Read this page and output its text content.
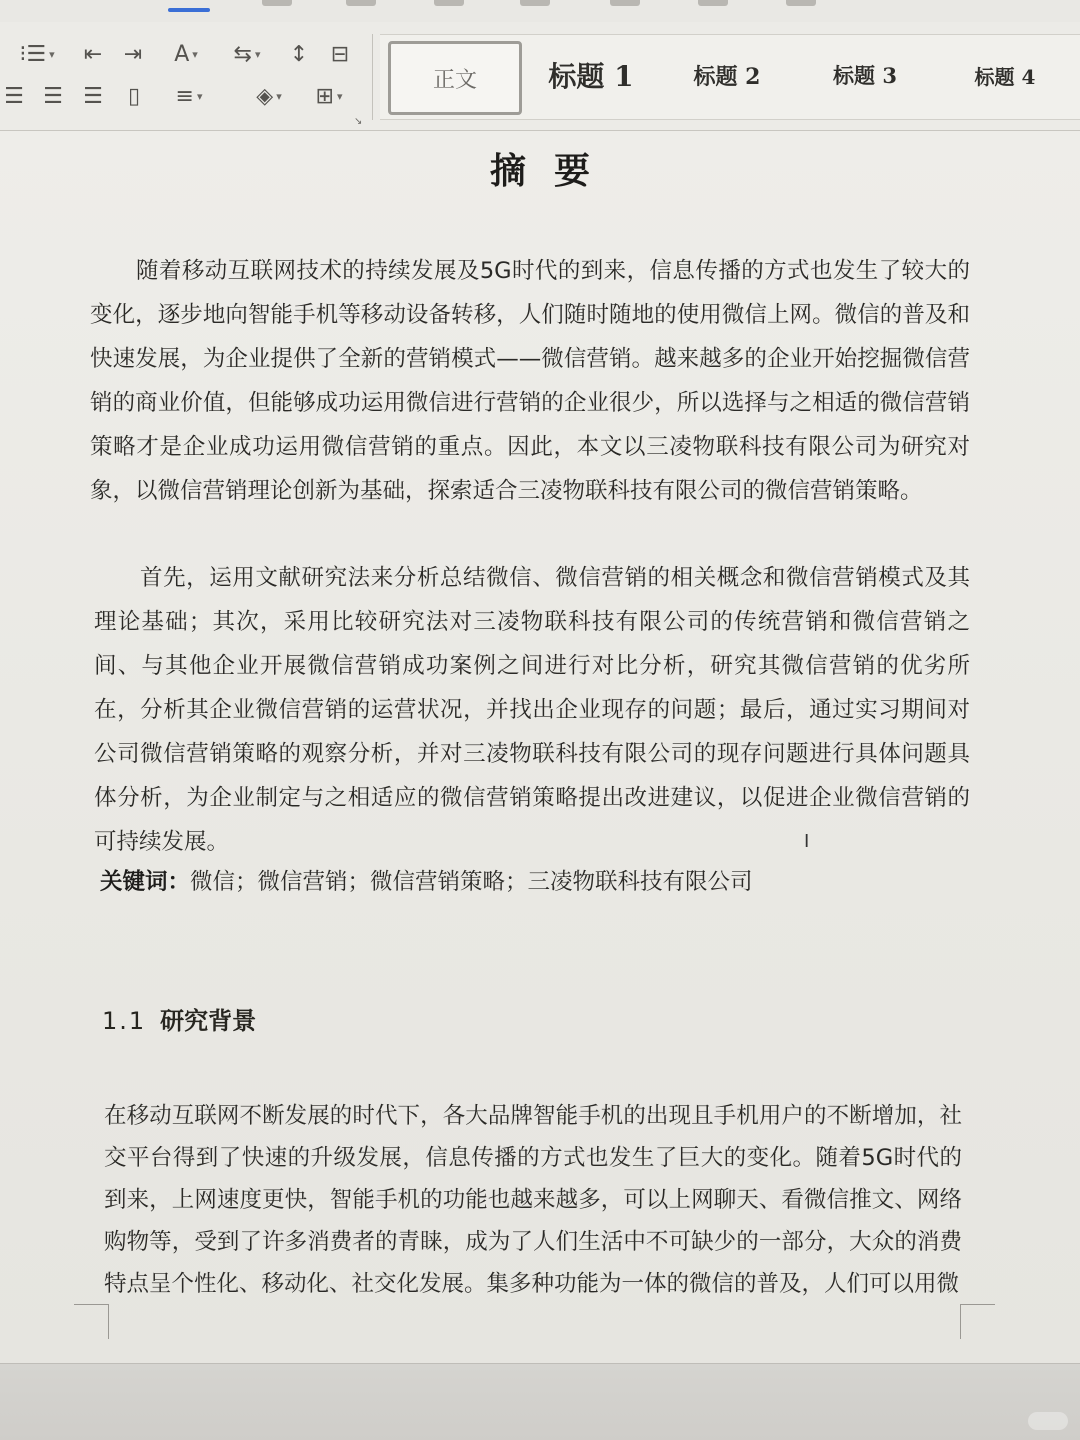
⁝☰ ▾ ⇤ ⇥ A ▾ ⇆ ▾ ↕ ⊟
☰ ☰ ☰ ▯ ≡ ▾ ◈ ▾ ⊞ ▾
↘
正文	标题 1	标题 2	标题 3	标题 4
摘要

随着移动互联网技术的持续发展及5G时代的到来，信息传播的方式也发生了较大的变化，逐步地向智能手机等移动设备转移，人们随时随地的使用微信上网。微信的普及和快速发展，为企业提供了全新的营销模式——微信营销。越来越多的企业开始挖掘微信营销的商业价值，但能够成功运用微信进行营销的企业很少，所以选择与之相适的微信营销策略才是企业成功运用微信营销的重点。因此，本文以三凌物联科技有限公司为研究对象，以微信营销理论创新为基础，探索适合三凌物联科技有限公司的微信营销策略。

首先，运用文献研究法来分析总结微信、微信营销的相关概念和微信营销模式及其理论基础；其次，采用比较研究法对三凌物联科技有限公司的传统营销和微信营销之间、与其他企业开展微信营销成功案例之间进行对比分析，研究其微信营销的优劣所在，分析其企业微信营销的运营状况，并找出企业现存的问题；最后，通过实习期间对公司微信营销策略的观察分析，并对三凌物联科技有限公司的现存问题进行具体问题具体分析，为企业制定与之相适应的微信营销策略提出改进建议，以促进企业微信营销的可持续发展。

关键词：微信；微信营销；微信营销策略；三凌物联科技有限公司
1.1 研究背景

在移动互联网不断发展的时代下，各大品牌智能手机的出现且手机用户的不断增加，社交平台得到了快速的升级发展，信息传播的方式也发生了巨大的变化。随着5G时代的到来，上网速度更快，智能手机的功能也越来越多，可以上网聊天、看微信推文、网络购物等，受到了许多消费者的青睐，成为了人们生活中不可缺少的一部分，大众的消费特点呈个性化、移动化、社交化发展。集多种功能为一体的微信的普及，人们可以用微

I
